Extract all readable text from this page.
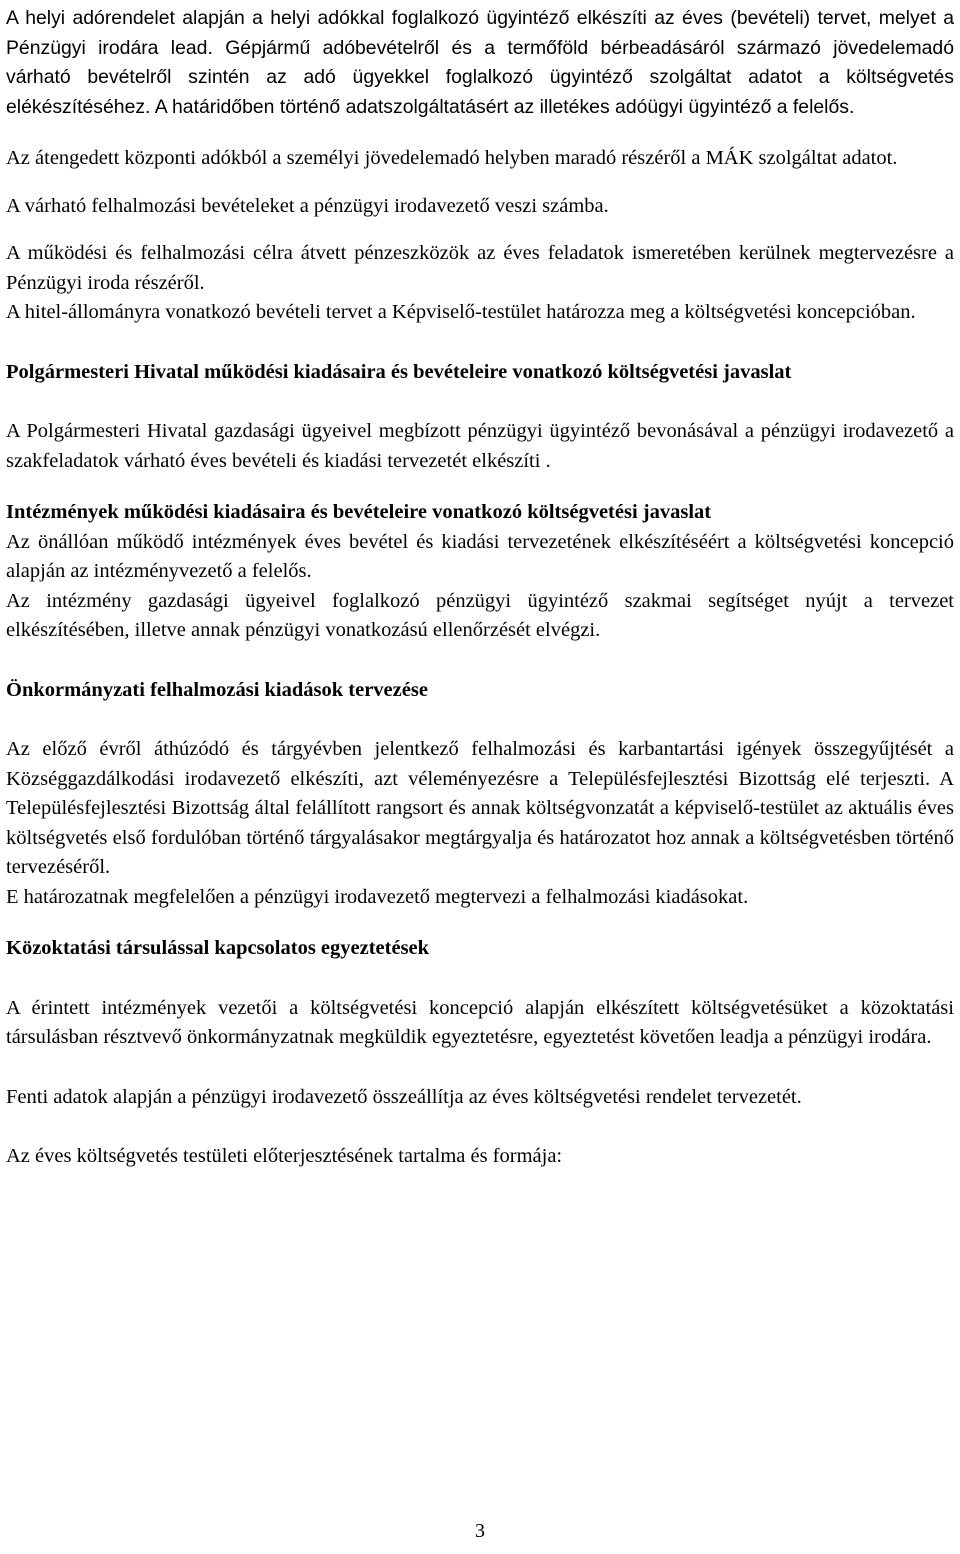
A helyi adórendelet alapján a helyi adókkal foglalkozó ügyintéző elkészíti az éves (bevételi) tervet, melyet a Pénzügyi irodára lead. Gépjármű adóbevételről és a termőföld bérbeadásáról származó jövedelemadó várható bevételről szintén az adó ügyekkel foglalkozó ügyintéző szolgáltat adatot a költségvetés elékészítéséhez. A határidőben történő adatszolgáltatásért az illetékes adóügyi ügyintéző a felelős.

Az átengedett központi adókból a személyi jövedelemadó helyben maradó részéről a MÁK szolgáltat adatot.

A várható felhalmozási bevételeket a pénzügyi irodavezető veszi számba.

A működési és felhalmozási célra átvett pénzeszközök az éves feladatok ismeretében kerülnek megtervezésre a Pénzügyi iroda részéről.

A hitel-állományra vonatkozó bevételi tervet a Képviselő-testület határozza meg a költségvetési koncepcióban.

Polgármesteri Hivatal működési kiadásaira és bevételeire vonatkozó költségvetési javaslat

A Polgármesteri Hivatal gazdasági ügyeivel megbízott pénzügyi ügyintéző bevonásával a pénzügyi irodavezető a szakfeladatok várható éves bevételi és kiadási tervezetét elkészíti .

Intézmények működési kiadásaira és bevételeire vonatkozó költségvetési javaslat

Az önállóan működő intézmények éves bevétel és kiadási tervezetének elkészítéséért a költségvetési koncepció alapján az intézményvezető a felelős.

Az intézmény gazdasági ügyeivel foglalkozó pénzügyi ügyintéző szakmai segítséget nyújt a tervezet elkészítésében, illetve annak pénzügyi vonatkozású ellenőrzését elvégzi.

Önkormányzati felhalmozási kiadások tervezése

Az előző évről áthúzódó és tárgyévben jelentkező felhalmozási és karbantartási igények összegyűjtését a Községgazdálkodási irodavezető elkészíti, azt véleményezésre a Településfejlesztési Bizottság elé terjeszti. A Településfejlesztési Bizottság által felállított rangsort és annak költségvonzatát a képviselő-testület az aktuális éves költségvetés első fordulóban történő tárgyalásakor megtárgyalja és határozatot hoz annak a költségvetésben történő tervezéséről.

E határozatnak megfelelően a pénzügyi irodavezető megtervezi a felhalmozási kiadásokat.

Közoktatási társulással kapcsolatos egyeztetések

A érintett intézmények vezetői a költségvetési koncepció alapján elkészített költségvetésüket a közoktatási társulásban résztvevő önkormányzatnak megküldik egyeztetésre, egyeztetést követően leadja a pénzügyi irodára.

Fenti adatok alapján a pénzügyi irodavezető összeállítja az éves költségvetési rendelet tervezetét.

Az éves költségvetés testületi előterjesztésének tartalma és formája:

3
